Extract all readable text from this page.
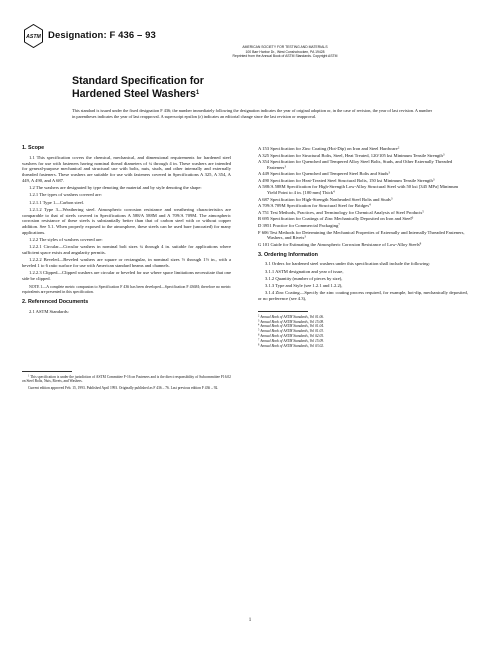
ASTM Designation: F 436 – 93
AMERICAN SOCIETY FOR TESTING AND MATERIALS
100 Barr Harbor Dr., West Conshohocken, PA 19428
Reprinted from the Annual Book of ASTM Standards. Copyright ASTM
Standard Specification for
Hardened Steel Washers$^1$
This standard is issued under the fixed designation F 436; the number immediately following the designation indicates the year of original adoption or, in the case of revision, the year of last revision. A number in parentheses indicates the year of last reapproval. A superscript epsilon (ε) indicates an editorial change since the last revision or reapproval.
1. Scope

1.1 This specification covers the chemical, mechanical, and dimensional requirements for hardened steel washers for use with fasteners having nominal thread diameters of ¼ through 4 in. These washers are intended for general-purpose mechanical and structural use with bolts, nuts, studs, and other internally and externally threaded fasteners. These washers are suitable for use with fasteners covered in Specifications A 325, A 354, A 449, A 490, and A 687.

1.2 The washers are designated by type denoting the material and by style denoting the shape:

1.2.1 The types of washers covered are:

1.2.1.1 Type 1—Carbon steel.

1.2.1.2 Type 3—Weathering steel. Atmospheric corrosion resistance and weathering characteristics are comparable to that of steels covered in Specifications A 588/A 588M and A 709/A 709M. The atmospheric corrosion resistance of these steels is substantially better than that of carbon steel with or without copper addition. See 5.1. When properly exposed to the atmosphere, these steels can be used bare (uncoated) for many applications.

1.2.2 The styles of washers covered are:

1.2.2.1 Circular—Circular washers in nominal bolt sizes ¼ through 4 in. suitable for applications where sufficient space exists and angularity permits.

1.2.2.2 Beveled—Beveled washers are square or rectangular, in nominal sizes ½ through 1½ in., with a beveled 1 to 6 ratio surface for use with American standard beams and channels.

1.2.2.3 Clipped—Clipped washers are circular or beveled for use where space limitations necessitate that one side be clipped.

NOTE 1—A complete metric companion to Specification F 436 has been developed—Specification F 436M; therefore no metric equivalents are presented in this specification.

2. Referenced Documents

2.1 ASTM Standards:

$^1$ This specification is under the jurisdiction of ASTM Committee F-16 on Fasteners and is the direct responsibility of Subcommittee F16.02 on Steel Bolts, Nuts, Rivets, and Washers.

Current edition approved Feb. 15, 1993. Published April 1993. Originally published as F 436 – 76. Last previous edition F 436 – 92.

A 153 Specification for Zinc Coating (Hot-Dip) on Iron and Steel Hardware$^2$

A 325 Specification for Structural Bolts, Steel, Heat Treated, 120/105 ksi Minimum Tensile Strength$^3$

A 354 Specification for Quenched and Tempered Alloy Steel Bolts, Studs, and Other Externally Threaded Fasteners$^3$

A 449 Specification for Quenched and Tempered Steel Bolts and Studs$^3$

A 490 Specification for Heat-Treated Steel Structural Bolts, 150 ksi Minimum Tensile Strength$^3$

A 588/A 588M Specification for High-Strength Low-Alloy Structural Steel with 50 ksi [345 MPa] Minimum Yield Point to 4 in. [100 mm] Thick$^4$

A 687 Specification for High-Strength Nonheaded Steel Bolts and Studs$^3$

A 709/A 709M Specification for Structural Steel for Bridges$^4$

A 751 Test Methods, Practices, and Terminology for Chemical Analysis of Steel Products$^5$

B 695 Specification for Coatings of Zinc Mechanically Deposited on Iron and Steel$^6$

D 3951 Practice for Commercial Packaging$^7$

F 606 Test Methods for Determining the Mechanical Properties of Externally and Internally Threaded Fasteners, Washers, and Rivets$^3$

G 101 Guide for Estimating the Atmospheric Corrosion Resistance of Low-Alloy Steels$^8$

3. Ordering Information

3.1 Orders for hardened steel washers under this specification shall include the following:

3.1.1 ASTM designation and year of issue,

3.1.2 Quantity (number of pieces by size),

3.1.3 Type and Style (see 1.2.1 and 1.2.2),

3.1.4 Zinc Coating—Specify the zinc coating process required, for example, hot-dip, mechanically deposited, or no preference (see 4.3),

$^2$ Annual Book of ASTM Standards, Vol 01.06.

$^3$ Annual Book of ASTM Standards, Vol 15.08.

$^4$ Annual Book of ASTM Standards, Vol 01.04.

$^5$ Annual Book of ASTM Standards, Vol 01.03.

$^6$ Annual Book of ASTM Standards, Vol 02.05.

$^7$ Annual Book of ASTM Standards, Vol 15.09.

$^8$ Annual Book of ASTM Standards, Vol 03.02.

1
